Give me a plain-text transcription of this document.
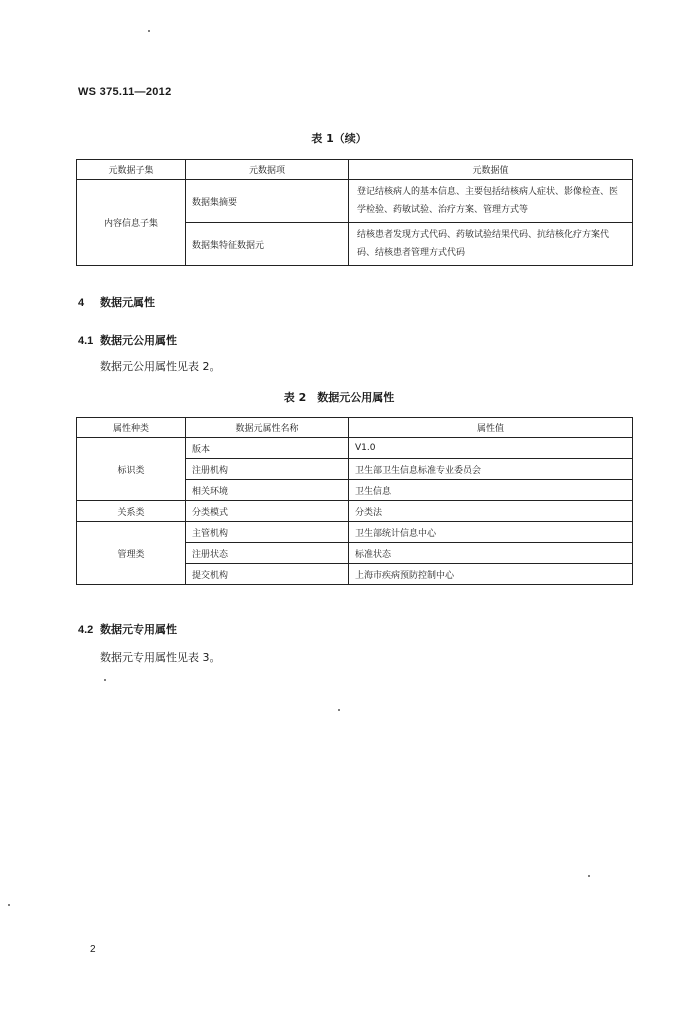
WS 375.11—2012
表 1（续）
元数据子集	元数据项	元数据值
内容信息子集	数据集摘要	登记结核病人的基本信息、主要包括结核病人症状、影像检查、医学检验、药敏试验、治疗方案、管理方式等
	数据集特征数据元	结核患者发现方式代码、药敏试验结果代码、抗结核化疗方案代码、结核患者管理方式代码
4 数据元属性
4.1 数据元公用属性
数据元公用属性见表 2。
表 2　数据元公用属性
属性种类	数据元属性名称	属性值
标识类	版本	V1.0
	注册机构	卫生部卫生信息标准专业委员会
	相关环境	卫生信息
关系类	分类模式	分类法
管理类	主管机构	卫生部统计信息中心
	注册状态	标准状态
	提交机构	上海市疾病预防控制中心
4.2 数据元专用属性
数据元专用属性见表 3。
2
